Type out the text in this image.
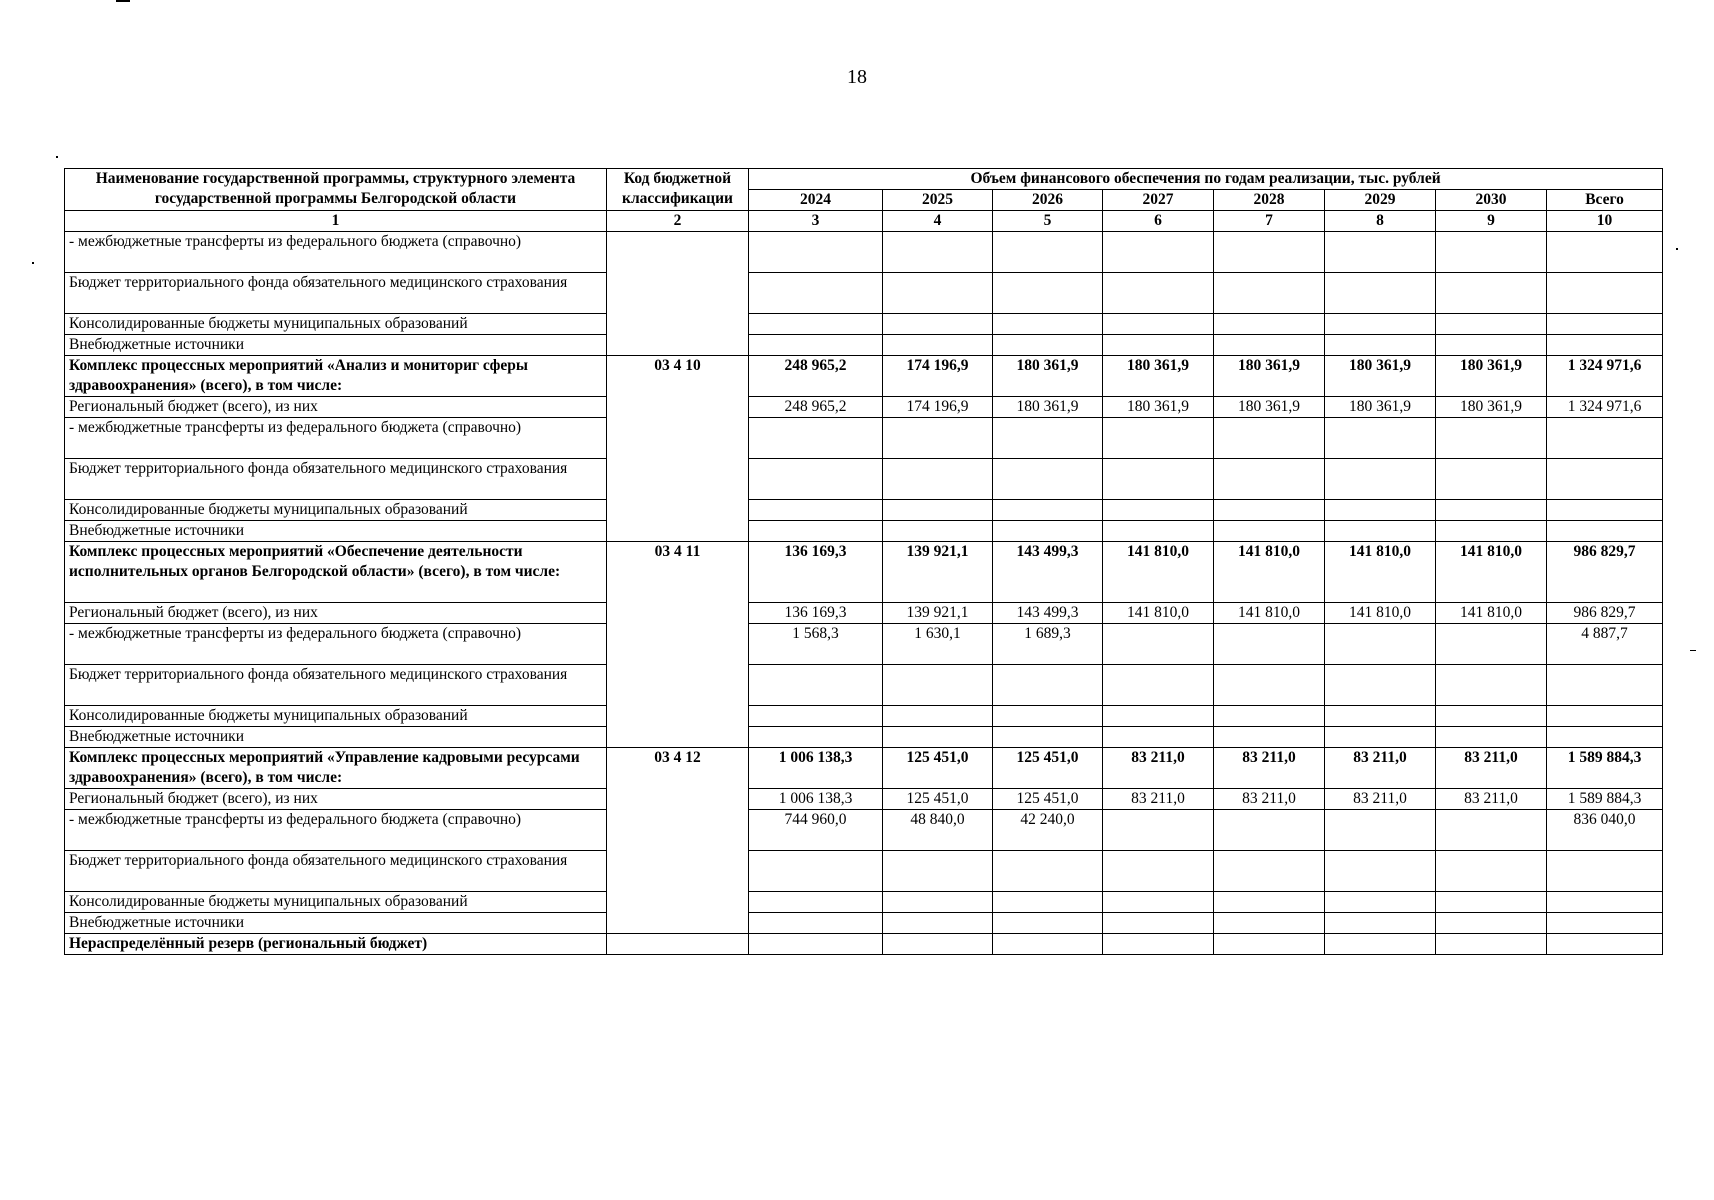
18
Наименование государственной программы, структурного элемента государственной программы Белгородской области	Код бюджетной классификации	Объем финансового обеспечения по годам реализации, тыс. рублей							
		2024	2025	2026	2027	2028	2029	2030	Всего
1	2	3	4	5	6	7	8	9	10
- межбюджетные трансферты из федерального бюджета (справочно)									
Бюджет территориального фонда обязательного медицинского страхования									
Консолидированные бюджеты муниципальных образований									
Внебюджетные источники									
Комплекс процессных мероприятий «Анализ и мониториг сферы здравоохранения» (всего), в том числе:	03 4 10	248 965,2	174 196,9	180 361,9	180 361,9	180 361,9	180 361,9	180 361,9	1 324 971,6
Региональный бюджет (всего), из них		248 965,2	174 196,9	180 361,9	180 361,9	180 361,9	180 361,9	180 361,9	1 324 971,6
- межбюджетные трансферты из федерального бюджета (справочно)									
Бюджет территориального фонда обязательного медицинского страхования									
Консолидированные бюджеты муниципальных образований									
Внебюджетные источники									
Комплекс процессных мероприятий «Обеспечение деятельности исполнительных органов Белгородской области» (всего), в том числе:	03 4 11	136 169,3	139 921,1	143 499,3	141 810,0	141 810,0	141 810,0	141 810,0	986 829,7
Региональный бюджет (всего), из них		136 169,3	139 921,1	143 499,3	141 810,0	141 810,0	141 810,0	141 810,0	986 829,7
- межбюджетные трансферты из федерального бюджета (справочно)		1 568,3	1 630,1	1 689,3					4 887,7
Бюджет территориального фонда обязательного медицинского страхования									
Консолидированные бюджеты муниципальных образований									
Внебюджетные источники									
Комплекс процессных мероприятий «Управление кадровыми ресурсами здравоохранения» (всего), в том числе:	03 4 12	1 006 138,3	125 451,0	125 451,0	83 211,0	83 211,0	83 211,0	83 211,0	1 589 884,3
Региональный бюджет (всего), из них		1 006 138,3	125 451,0	125 451,0	83 211,0	83 211,0	83 211,0	83 211,0	1 589 884,3
- межбюджетные трансферты из федерального бюджета (справочно)		744 960,0	48 840,0	42 240,0					836 040,0
Бюджет территориального фонда обязательного медицинского страхования									
Консолидированные бюджеты муниципальных образований									
Внебюджетные источники									
Нераспределённый резерв (региональный бюджет)									
